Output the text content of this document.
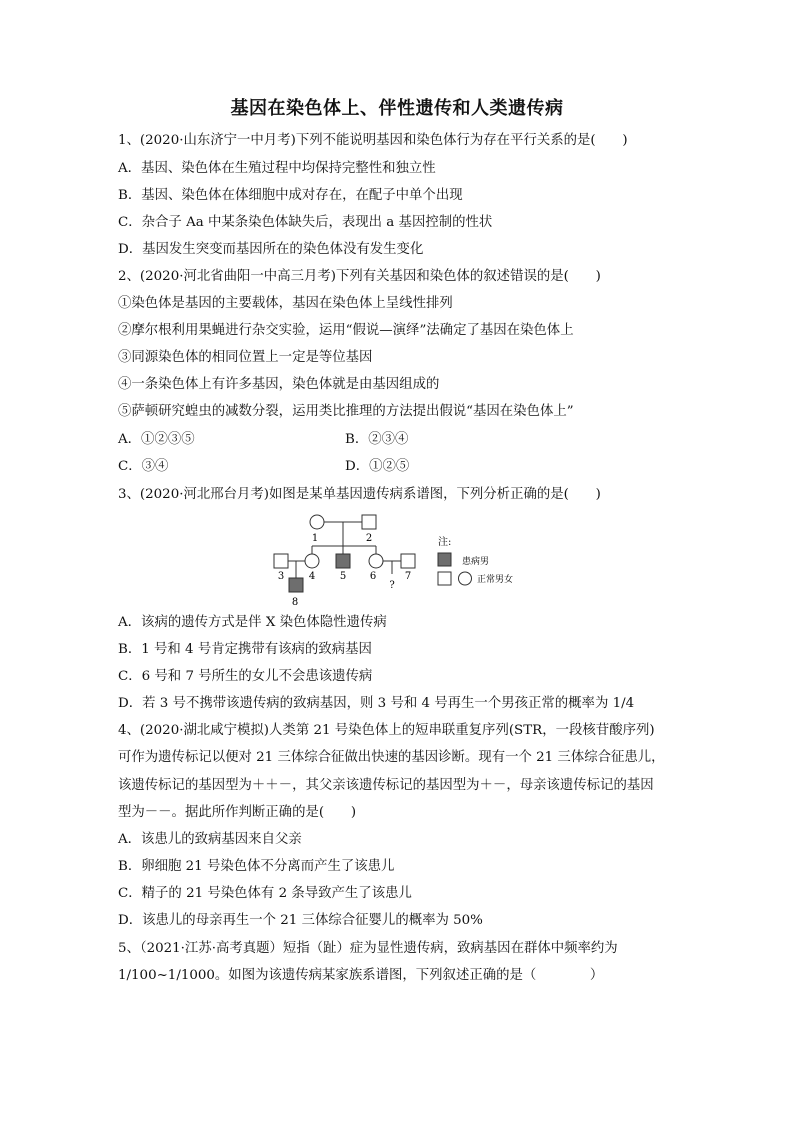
基因在染色体上、伴性遗传和人类遗传病
1、(2020·山东济宁一中月考)下列不能说明基因和染色体行为存在平行关系的是(　　)
A．基因、染色体在生殖过程中均保持完整性和独立性
B．基因、染色体在体细胞中成对存在，在配子中单个出现
C．杂合子 Aa 中某条染色体缺失后，表现出 a 基因控制的性状
D．基因发生突变而基因所在的染色体没有发生变化
2、(2020·河北省曲阳一中高三月考)下列有关基因和染色体的叙述错误的是(　　)
①染色体是基因的主要载体，基因在染色体上呈线性排列
②摩尔根利用果蝇进行杂交实验，运用“假说—演绎”法确定了基因在染色体上
③同源染色体的相同位置上一定是等位基因
④一条染色体上有许多基因，染色体就是由基因组成的
⑤萨顿研究蝗虫的减数分裂，运用类比推理的方法提出假说“基因在染色体上”
A．①②③⑤	B．②③④
C．③④	D．①②⑤
3、(2020·河北邢台月考)如图是某单基因遗传病系谱图，下列分析正确的是(　　)
1	2
3 4 5 6	7
?
8
注:
患病男
正常男女
A．该病的遗传方式是伴 X 染色体隐性遗传病
B．1 号和 4 号肯定携带有该病的致病基因
C．6 号和 7 号所生的女儿不会患该遗传病
D．若 3 号不携带该遗传病的致病基因，则 3 号和 4 号再生一个男孩正常的概率为 1/4
4、(2020·湖北咸宁模拟)人类第 21 号染色体上的短串联重复序列(STR，一段核苷酸序列)
可作为遗传标记以便对 21 三体综合征做出快速的基因诊断。现有一个 21 三体综合征患儿，
该遗传标记的基因型为＋＋－，其父亲该遗传标记的基因型为＋－，母亲该遗传标记的基因
型为－－。据此所作判断正确的是(　　)
A．该患儿的致病基因来自父亲
B．卵细胞 21 号染色体不分离而产生了该患儿
C．精子的 21 号染色体有 2 条导致产生了该患儿
D．该患儿的母亲再生一个 21 三体综合征婴儿的概率为 50%
5、（2021·江苏·高考真题）短指（趾）症为显性遗传病，致病基因在群体中频率约为
1/100~1/1000。如图为该遗传病某家族系谱图，下列叙述正确的是（　　　　）
